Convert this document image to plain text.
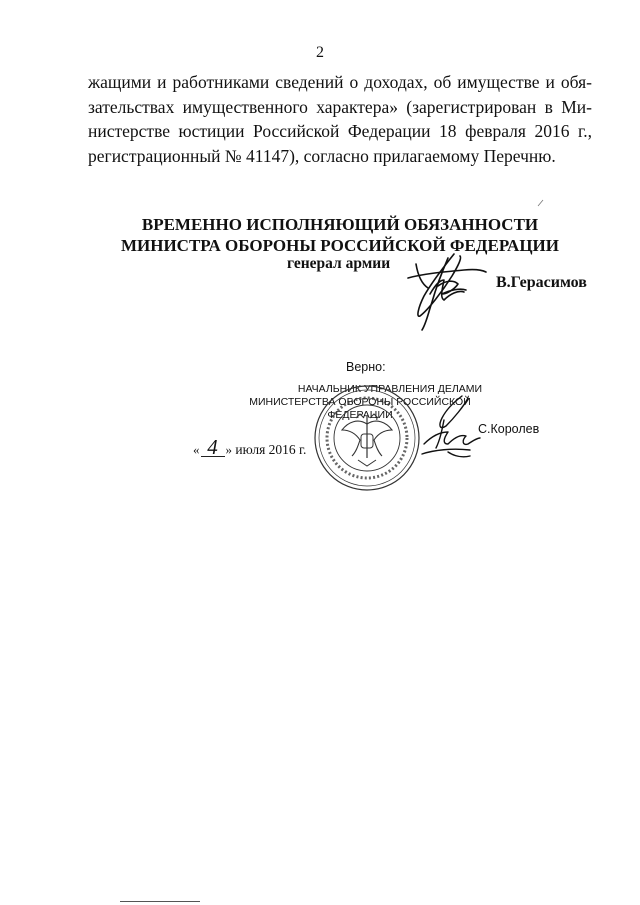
2
жащими и работниками сведений о доходах, об имуществе и обя-
зательствах имущественного характера» (зарегистрирован в Ми-
нистерстве юстиции Российской Федерации 18 февраля 2016 г.,
регистрационный № 41147), согласно прилагаемому Перечню.
ВРЕМЕННО ИСПОЛНЯЮЩИЙ ОБЯЗАННОСТИ
МИНИСТРА ОБОРОНЫ РОССИЙСКОЙ ФЕДЕРАЦИИ
генерал армии
В.Герасимов
Верно:
НАЧАЛЬНИК УПРАВЛЕНИЯ ДЕЛАМИ
МИНИСТЕРСТВА ОБОРОНЫ РОССИЙСКОЙ ФЕДЕРАЦИИ
С.Королев
« 4 » июля 2016 г.
